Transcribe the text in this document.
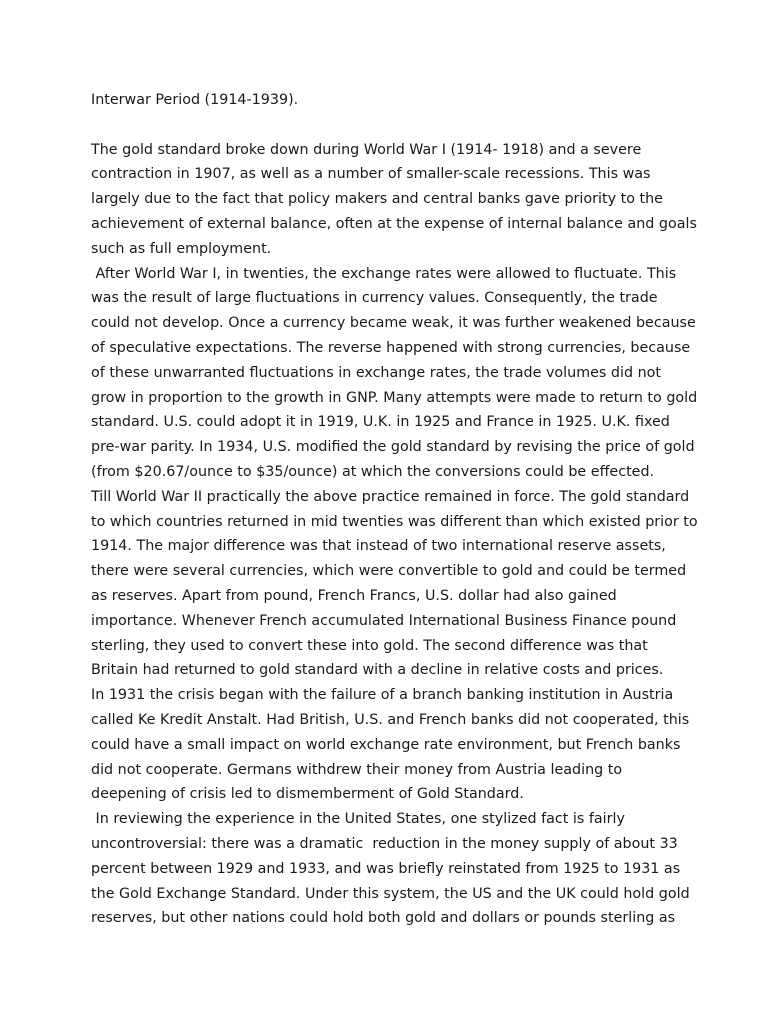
Interwar Period (1914-1939).
The gold standard broke down during World War I (1914- 1918) and a severe
contraction in 1907, as well as a number of smaller-scale recessions. This was
largely due to the fact that policy makers and central banks gave priority to the
achievement of external balance, often at the expense of internal balance and goals
such as full employment.
After World War I, in twenties, the exchange rates were allowed to fluctuate. This
was the result of large fluctuations in currency values. Consequently, the trade
could not develop. Once a currency became weak, it was further weakened because
of speculative expectations. The reverse happened with strong currencies, because
of these unwarranted fluctuations in exchange rates, the trade volumes did not
grow in proportion to the growth in GNP. Many attempts were made to return to gold
standard. U.S. could adopt it in 1919, U.K. in 1925 and France in 1925. U.K. fixed
pre-war parity. In 1934, U.S. modified the gold standard by revising the price of gold
(from $20.67/ounce to $35/ounce) at which the conversions could be effected.
Till World War II practically the above practice remained in force. The gold standard
to which countries returned in mid twenties was different than which existed prior to
1914. The major difference was that instead of two international reserve assets,
there were several currencies, which were convertible to gold and could be termed
as reserves. Apart from pound, French Francs, U.S. dollar had also gained
importance. Whenever French accumulated International Business Finance pound
sterling, they used to convert these into gold. The second difference was that
Britain had returned to gold standard with a decline in relative costs and prices.
In 1931 the crisis began with the failure of a branch banking institution in Austria
called Ke Kredit Anstalt. Had British, U.S. and French banks did not cooperated, this
could have a small impact on world exchange rate environment, but French banks
did not cooperate. Germans withdrew their money from Austria leading to
deepening of crisis led to dismemberment of Gold Standard.
In reviewing the experience in the United States, one stylized fact is fairly
uncontroversial: there was a dramatic  reduction in the money supply of about 33
percent between 1929 and 1933, and was briefly reinstated from 1925 to 1931 as
the Gold Exchange Standard. Under this system, the US and the UK could hold gold
reserves, but other nations could hold both gold and dollars or pounds sterling as
